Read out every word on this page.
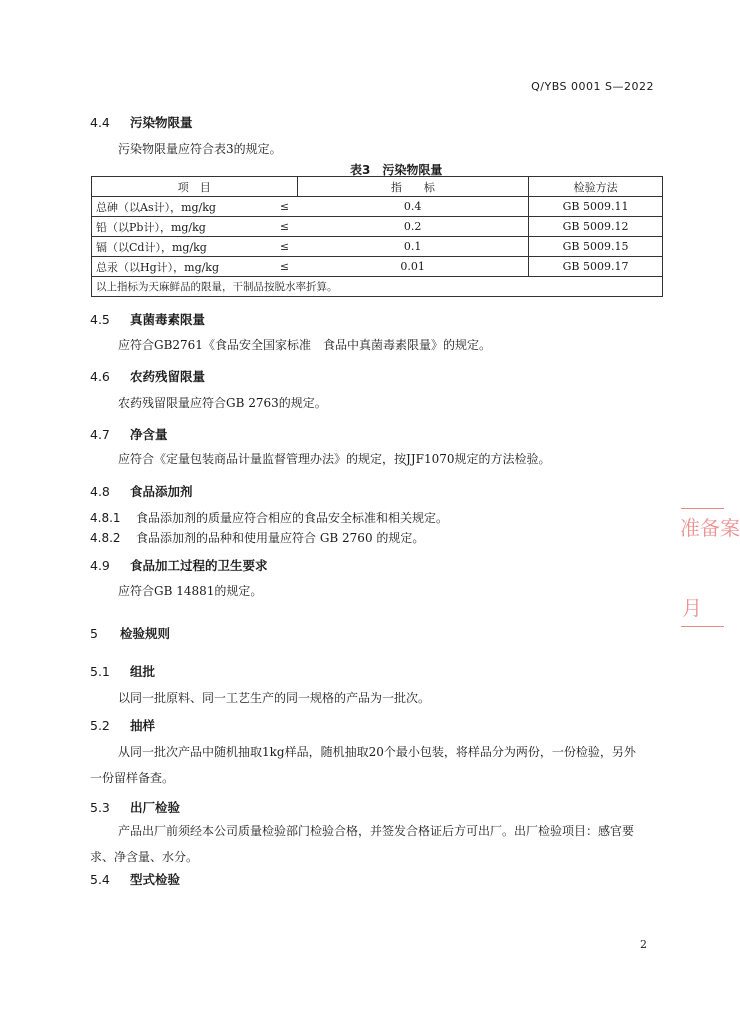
Q/YBS 0001 S—2022
4.4 污染物限量
污染物限量应符合表3的规定。
表3　污染物限量
项　目	指　　标	检验方法
总砷（以As计），mg/kg ≤	0.4	GB 5009.11
铅（以Pb计），mg/kg ≤	0.2	GB 5009.12
镉（以Cd计），mg/kg ≤	0.1	GB 5009.15
总汞（以Hg计），mg/kg ≤	0.01	GB 5009.17
以上指标为天麻鲜品的限量，干制品按脱水率折算。		
4.5 真菌毒素限量
应符合GB2761《食品安全国家标准　食品中真菌毒素限量》的规定。
4.6 农药残留限量
农药残留限量应符合GB 2763的规定。
4.7 净含量
应符合《定量包装商品计量监督管理办法》的规定，按JJF1070规定的方法检验。
4.8 食品添加剂
4.8.1 食品添加剂的质量应符合相应的食品安全标准和相关规定。
4.8.2 食品添加剂的品种和使用量应符合 GB 2760 的规定。
4.9 食品加工过程的卫生要求
应符合GB 14881的规定。
5 检验规则
5.1 组批
以同一批原料、同一工艺生产的同一规格的产品为一批次。
5.2 抽样
从同一批次产品中随机抽取1kg样品，随机抽取20个最小包装，将样品分为两份，一份检验，另外一份留样备查。
5.3 出厂检验
产品出厂前须经本公司质量检验部门检验合格，并签发合格证后方可出厂。出厂检验项目：感官要求、净含量、水分。
5.4 型式检验
2
准备案
月
